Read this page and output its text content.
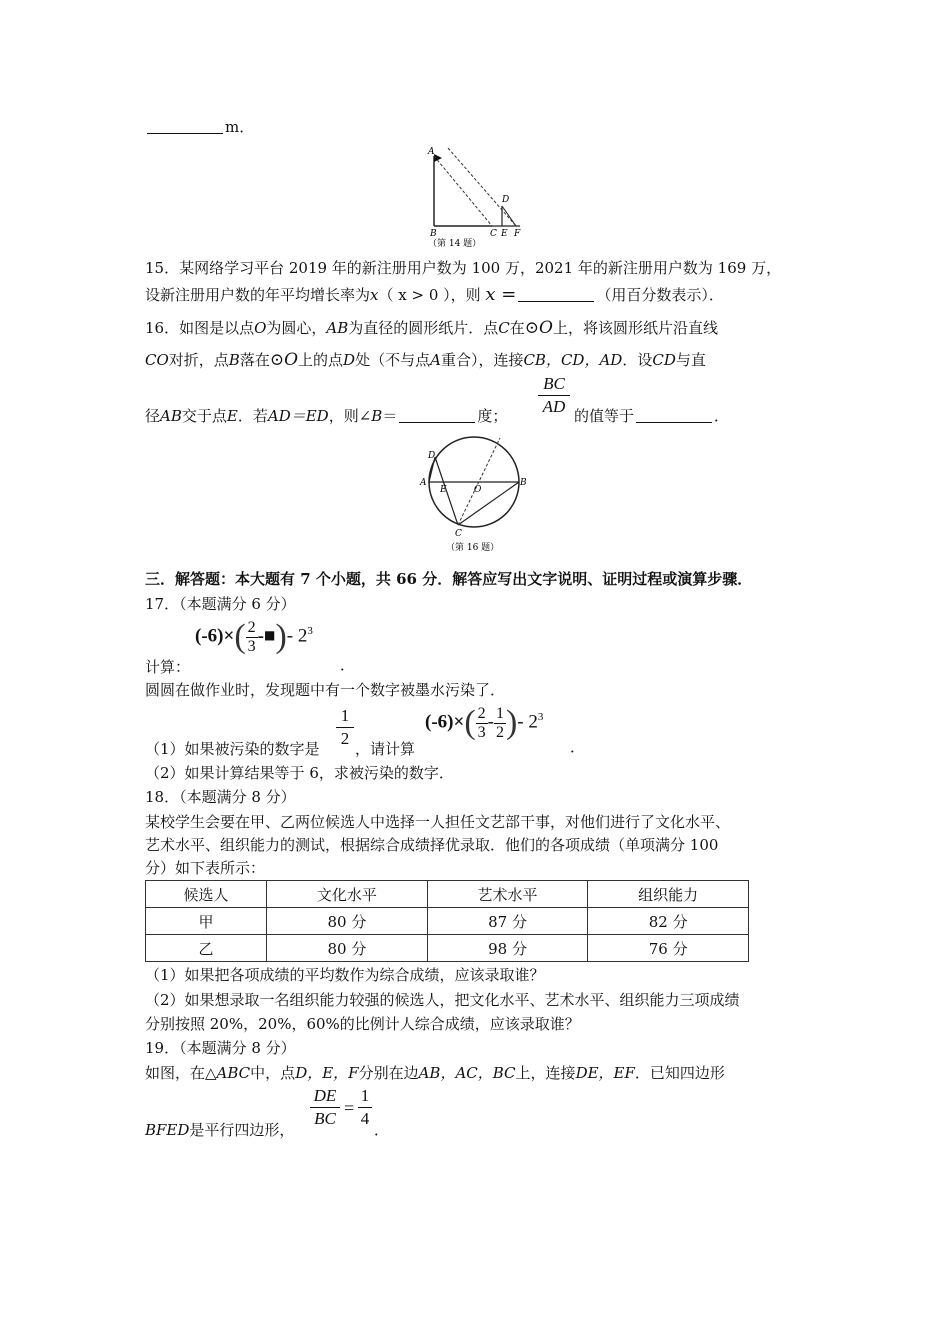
m．
A
B	C
D
E F
（第 14 题）
15．某网络学习平台 2019 年的新注册用户数为 100 万，2021 年的新注册用户数为 169 万，
设新注册用户数的年平均增长率为x（ x > 0 ），则 x =	（用百分数表示）．
16．如图是以点O为圆心，AB为直径的圆形纸片．点C在⊙O上，将该圆形纸片沿直线
CO对折，点B落在⊙O上的点D处（不与点A重合），连接CB，CD，AD．设CD与直
径AB交于点E．若AD＝ED，则∠B＝	度；
BC
AD 的值等于	．
D
A
E	O
B
C
（第 16 题）
三．解答题：本大题有 7 个小题，共 66 分．解答应写出文字说明、证明过程或演算步骤．
17．（本题满分 6 分）
$(-6)\times(\frac{2}{3}-■)-$ $2^3$
计算：	．
圆圆在做作业时，发现题中有一个数字被墨水污染了．
（1）如果被污染的数字是
1
2
，请计算
$(-6)\times(\frac{2}{3}-\frac{1}{2})-$ $2^3$
．
（2）如果计算结果等于 6，求被污染的数字．
18．（本题满分 8 分）
某校学生会要在甲、乙两位候选人中选择一人担任文艺部干事，对他们进行了文化水平、
艺术水平、组织能力的测试，根据综合成绩择优录取．他们的各项成绩（单项满分 100
分）如下表所示：
候选人	文化水平	艺术水平	组织能力
甲	80 分	87 分	82 分
乙	80 分	98 分	76 分
（1）如果把各项成绩的平均数作为综合成绩，应该录取谁？
（2）如果想录取一名组织能力较强的候选人，把文化水平、艺术水平、组织能力三项成绩
分别按照 20%，20%，60%的比例计人综合成绩，应该录取谁？
19．（本题满分 8 分）
如图，在△ABC中，点D，E，F分别在边AB，AC，BC上，连接DE，EF．已知四边形
BFED是平行四边形，
DE
BC
=
1
4
．
